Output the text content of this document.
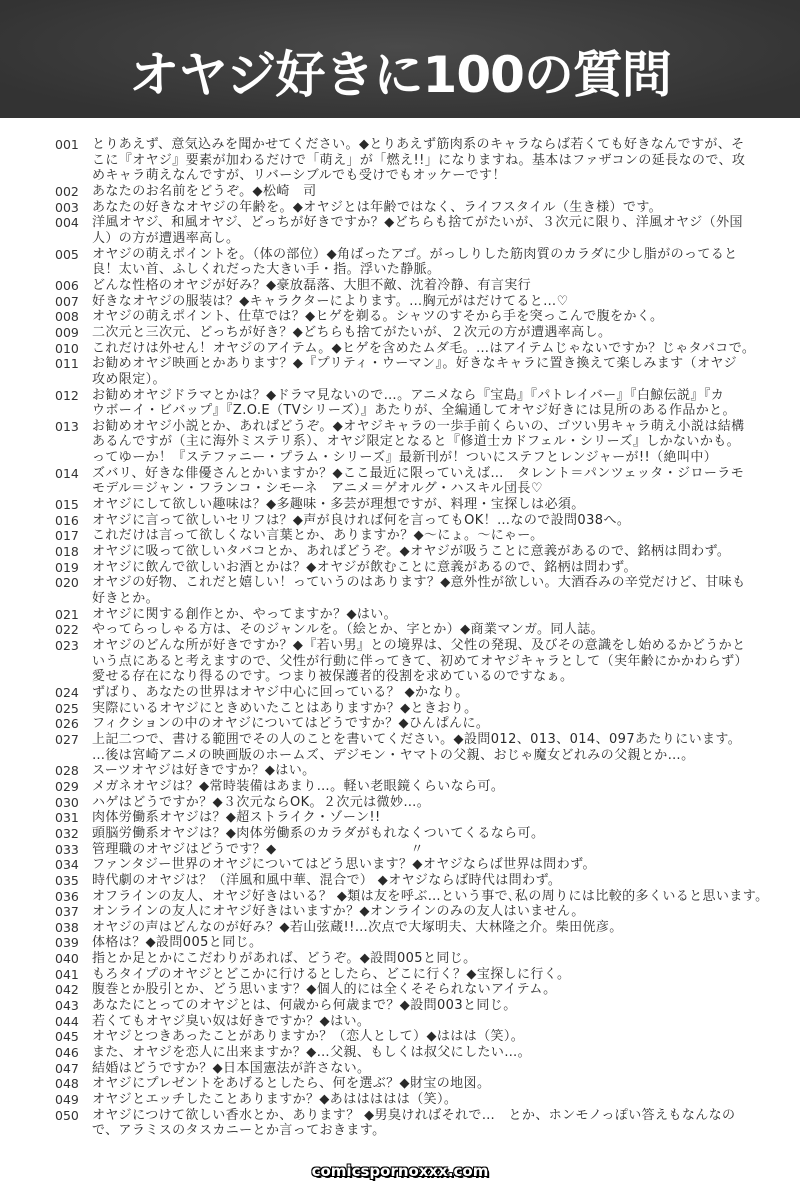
オヤジ好きに100の質問
001	とりあえず、意気込みを聞かせてください。◆とりあえず筋肉系のキャラならば若くても好きなんですが、そ
こに『オヤジ』要素が加わるだけで「萌え」が「燃え!!」になりますね。基本はファザコンの延長なので、攻
めキャラ萌えなんですが、リバーシブルでも受けでもオッケーです！
002	あなたのお名前をどうぞ。◆松崎　司
003	あなたの好きなオヤジの年齢を。◆オヤジとは年齢ではなく、ライフスタイル（生き様）です。
004	洋風オヤジ、和風オヤジ、どっちが好きですか？◆どちらも捨てがたいが、３次元に限り、洋風オヤジ（外国
人）の方が遭遇率高し。
005	オヤジの萌えポイントを。（体の部位）◆角ばったアゴ。がっしりした筋肉質のカラダに少し脂がのってると
良！太い首、ふしくれだった大きい手・指。浮いた静脈。
006	どんな性格のオヤジが好み？◆豪放磊落、大胆不敵、沈着冷静、有言実行
007	好きなオヤジの服装は？◆キャラクターによります。…胸元がはだけてると…♡
008	オヤジの萌えポイント、仕草では？◆ヒゲを剃る。シャツのすそから手を突っこんで腹をかく。
009	二次元と三次元、どっちが好き？◆どちらも捨てがたいが、２次元の方が遭遇率高し。
010	これだけは外せん！オヤジのアイテム。◆ヒゲを含めたムダ毛。…はアイテムじゃないですか？じゃタバコで。
011	お勧めオヤジ映画とかあります？◆『プリティ・ウーマン』。好きなキャラに置き換えて楽しみます（オヤジ
攻め限定）。
012	お勧めオヤジドラマとかは？◆ドラマ見ないので…。アニメなら『宝島』『パトレイバー』『白鯨伝説』『カ
ウボーイ・ビバップ』『Z.O.E（TVシリーズ）』あたりが、全編通してオヤジ好きには見所のある作品かと。
013	お勧めオヤジ小説とか、あればどうぞ。◆オヤジキャラの一歩手前くらいの、ゴツい男キャラ萌え小説は結構
あるんですが（主に海外ミステリ系）、オヤジ限定となると『修道士カドフェル・シリーズ』しかないかも。
ってゆーか！『ステファニー・プラム・シリーズ』最新刊が！ついにステフとレンジャーが!!（絶叫中）
014	ズバリ、好きな俳優さんとかいますか？◆ここ最近に限っていえば…　タレント＝パンツェッタ・ジローラモ
モデル＝ジャン・フランコ・シモーネ　アニメ＝ゲオルグ・ハスキル団長♡
015	オヤジにして欲しい趣味は？◆多趣味・多芸が理想ですが、料理・宝探しは必須。
016	オヤジに言って欲しいセリフは？◆声が良ければ何を言ってもOK！…なので設問038へ。
017	これだけは言って欲しくない言葉とか、ありますか？◆～にょ。～にゃー。
018	オヤジに吸って欲しいタバコとか、あればどうぞ。◆オヤジが吸うことに意義があるので、銘柄は問わず。
019	オヤジに飲んで欲しいお酒とかは？◆オヤジが飲むことに意義があるので、銘柄は問わず。
020	オヤジの好物、これだと嬉しい！っていうのはあります？◆意外性が欲しい。大酒呑みの辛党だけど、甘味も
好きとか。
021	オヤジに関する創作とか、やってますか？◆はい。
022	やってらっしゃる方は、そのジャンルを。（絵とか、字とか）◆商業マンガ。同人誌。
023	オヤジのどんな所が好きですか？◆『若い男』との境界は、父性の発現、及びその意識をし始めるかどうかと
いう点にあると考えますので、父性が行動に伴ってきて、初めてオヤジキャラとして（実年齢にかかわらず）
愛せる存在になり得るのです。つまり被保護者的役割を求めているのですなぁ。
024	ずばり、あなたの世界はオヤジ中心に回っている？ ◆かなり。
025	実際にいるオヤジにときめいたことはありますか？◆ときおり。
026	フィクションの中のオヤジについてはどうですか？◆ひんぱんに。
027	上記二つで、書ける範囲でその人のことを書いてください。◆設問012、013、014、097あたりにいます。
…後は宮崎アニメの映画版のホームズ、デジモン・ヤマトの父親、おじゃ魔女どれみの父親とか…。
028	スーツオヤジは好きですか？◆はい。
029	メガネオヤジは？◆常時装備はあまり…。軽い老眼鏡くらいなら可。
030	ハゲはどうですか？◆３次元ならOK。２次元は微妙…。
031	肉体労働系オヤジは？◆超ストライク・ゾーン!!
032	頭脳労働系オヤジは？◆肉体労働系のカラダがもれなくついてくるなら可。
033	管理職のオヤジはどうです？◆　　　　　　　　　　〃
034	ファンタジー世界のオヤジについてはどう思います？◆オヤジならば世界は問わず。
035	時代劇のオヤジは？（洋風和風中華、混合で） ◆オヤジならば時代は問わず。
036	オフラインの友人、オヤジ好きはいる？ ◆類は友を呼ぶ…という事で､私の周りには比較的多くいると思います。
037	オンラインの友人にオヤジ好きはいますか？◆オンラインのみの友人はいません。
038	オヤジの声はどんなのが好み？◆若山弦蔵!!…次点で大塚明夫、大林隆之介。柴田侊彦。
039	体格は？◆設問005と同じ。
040	指とか足とかにこだわりがあれば、どうぞ。◆設問005と同じ。
041	もろタイプのオヤジとどこかに行けるとしたら、どこに行く？◆宝探しに行く。
042	腹巻とか股引とか、どう思います？◆個人的には全くそそられないアイテム。
043	あなたにとってのオヤジとは、何歳から何歳まで？◆設問003と同じ。
044	若くてもオヤジ臭い奴は好きですか？◆はい。
045	オヤジとつきあったことがありますか？（恋人として）◆ははは（笑）。
046	また、オヤジを恋人に出来ますか？◆…父親、もしくは叔父にしたい…。
047	結婚はどうですか？◆日本国憲法が許さない。
048	オヤジにプレゼントをあげるとしたら、何を選ぶ？◆財宝の地図。
049	オヤジとエッチしたことありますか？◆あははははは（笑）。
050	オヤジにつけて欲しい香水とか、あります？ ◆男臭ければそれで…　とか、ホンモノっぽい答えもなんなの
で、アラミスのタスカニーとか言っておきます。
comicspornoxxx.com
